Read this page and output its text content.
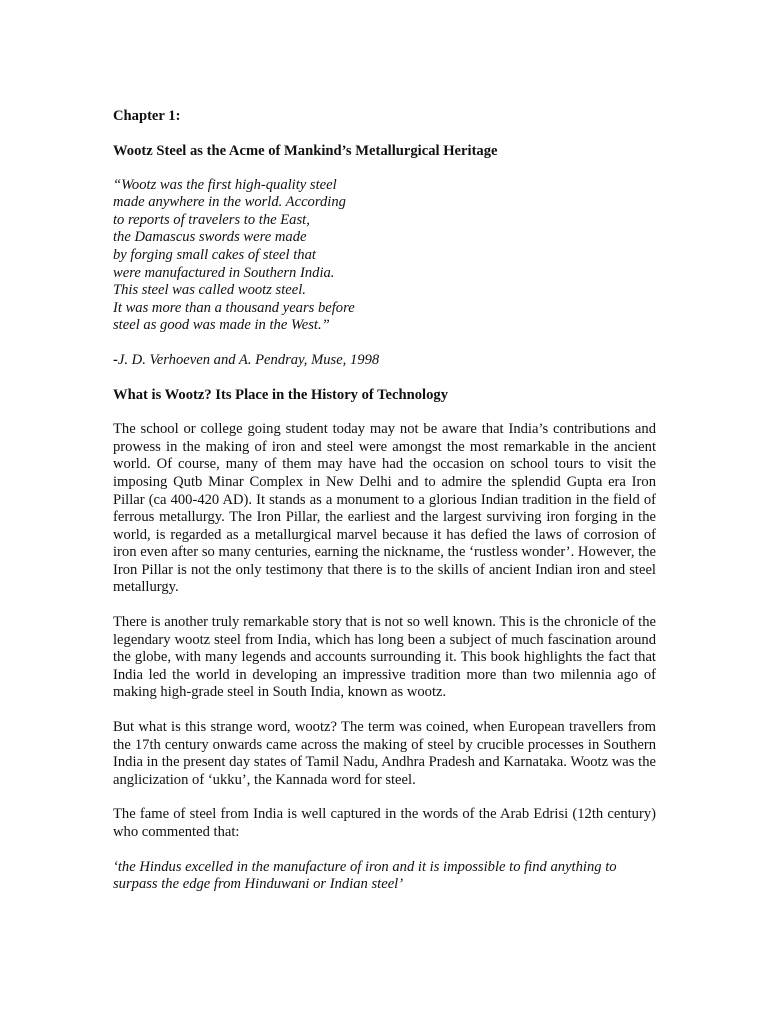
Chapter 1:

Wootz Steel as the Acme of Mankind’s Metallurgical Heritage

“Wootz was the first high-quality steel
made anywhere in the world. According
to reports of travelers to the East,
the Damascus swords were made
by forging small cakes of steel that
were manufactured in Southern India.
This steel was called wootz steel.
It was more than a thousand years before
steel as good was made in the West.”

-J. D. Verhoeven and A. Pendray, Muse, 1998

What is Wootz? Its Place in the History of Technology

The school or college going student today may not be aware that India’s contributions and prowess in the making of iron and steel were amongst the most remarkable in the ancient world. Of course, many of them may have had the occasion on school tours to visit the imposing Qutb Minar Complex in New Delhi and to admire the splendid Gupta era Iron Pillar (ca 400-420 AD). It stands as a monument to a glorious Indian tradition in the field of ferrous metallurgy. The Iron Pillar, the earliest and the largest surviving iron forging in the world, is regarded as a metallurgical marvel because it has defied the laws of corrosion of iron even after so many centuries, earning the nickname, the ‘rustless wonder’. However, the Iron Pillar is not the only testimony that there is to the skills of ancient Indian iron and steel metallurgy.

There is another truly remarkable story that is not so well known. This is the chronicle of the legendary wootz steel from India, which has long been a subject of much fascination around the globe, with many legends and accounts surrounding it. This book highlights the fact that India led the world in developing an impressive tradition more than two milennia ago of making high-grade steel in South India, known as wootz.

But what is this strange word, wootz? The term was coined, when European travellers from the 17th century onwards came across the making of steel by crucible processes in Southern India in the present day states of Tamil Nadu, Andhra Pradesh and Karnataka. Wootz was the anglicization of ‘ukku’, the Kannada word for steel.

The fame of steel from India is well captured in the words of the Arab Edrisi (12th century) who commented that:

‘the Hindus excelled in the manufacture of iron and it is impossible to find anything to surpass the edge from Hinduwani or Indian steel’
